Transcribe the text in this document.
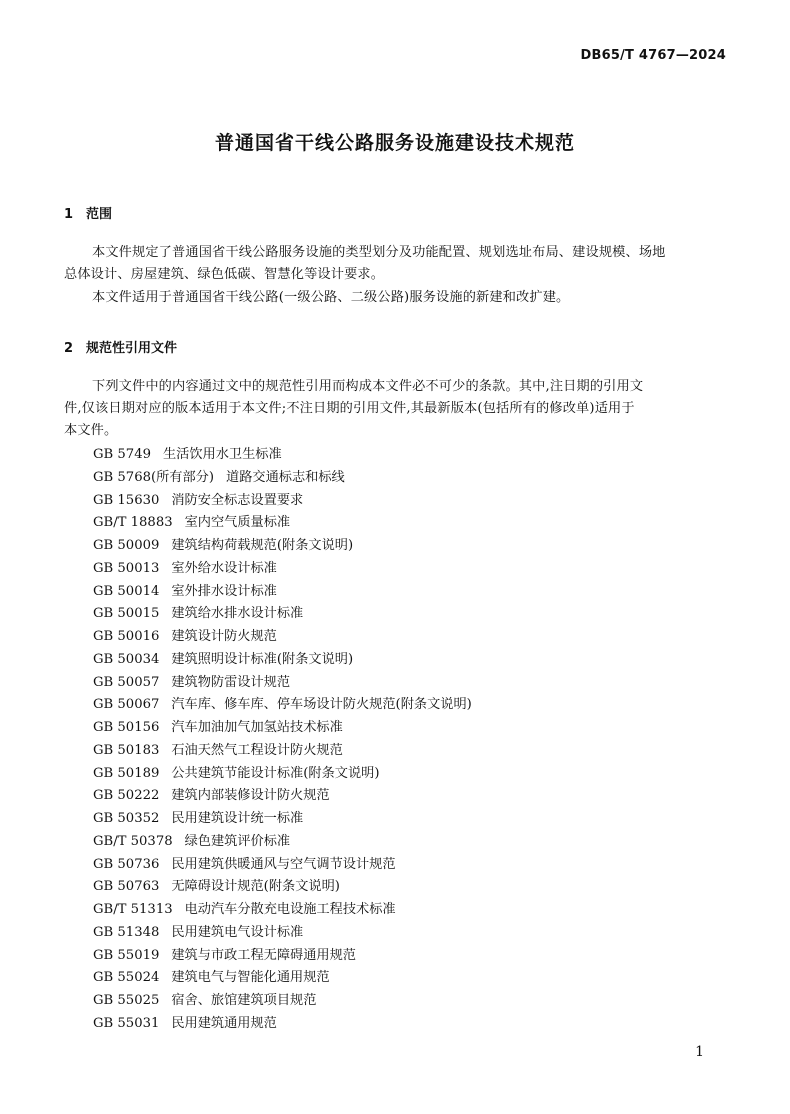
DB65/T 4767—2024
普通国省干线公路服务设施建设技术规范
1 范围
本文件规定了普通国省干线公路服务设施的类型划分及功能配置、规划选址布局、建设规模、场地
总体设计、房屋建筑、绿色低碳、智慧化等设计要求。
本文件适用于普通国省干线公路(一级公路、二级公路)服务设施的新建和改扩建。
2 规范性引用文件
下列文件中的内容通过文中的规范性引用而构成本文件必不可少的条款。其中,注日期的引用文
件,仅该日期对应的版本适用于本文件;不注日期的引用文件,其最新版本(包括所有的修改单)适用于
本文件。
GB 5749 生活饮用水卫生标准
GB 5768(所有部分) 道路交通标志和标线
GB 15630 消防安全标志设置要求
GB/T 18883 室内空气质量标准
GB 50009 建筑结构荷载规范(附条文说明)
GB 50013 室外给水设计标准
GB 50014 室外排水设计标准
GB 50015 建筑给水排水设计标准
GB 50016 建筑设计防火规范
GB 50034 建筑照明设计标准(附条文说明)
GB 50057 建筑物防雷设计规范
GB 50067 汽车库、修车库、停车场设计防火规范(附条文说明)
GB 50156 汽车加油加气加氢站技术标准
GB 50183 石油天然气工程设计防火规范
GB 50189 公共建筑节能设计标准(附条文说明)
GB 50222 建筑内部装修设计防火规范
GB 50352 民用建筑设计统一标准
GB/T 50378 绿色建筑评价标准
GB 50736 民用建筑供暖通风与空气调节设计规范
GB 50763 无障碍设计规范(附条文说明)
GB/T 51313 电动汽车分散充电设施工程技术标准
GB 51348 民用建筑电气设计标准
GB 55019 建筑与市政工程无障碍通用规范
GB 55024 建筑电气与智能化通用规范
GB 55025 宿舍、旅馆建筑项目规范
GB 55031 民用建筑通用规范
1
